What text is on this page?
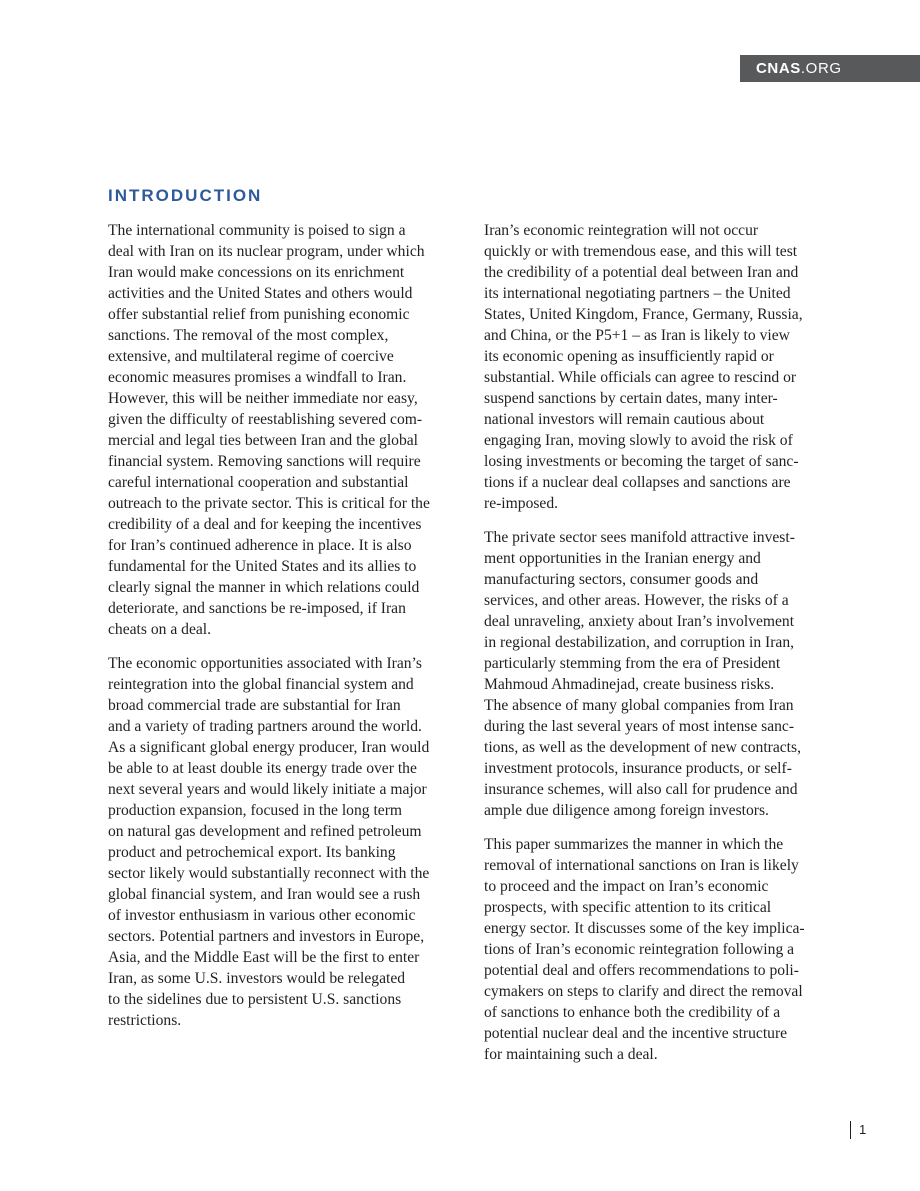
CNAS.ORG
INTRODUCTION

The international community is poised to sign a
deal with Iran on its nuclear program, under which
Iran would make concessions on its enrichment
activities and the United States and others would
offer substantial relief from punishing economic
sanctions. The removal of the most complex,
extensive, and multilateral regime of coercive
economic measures promises a windfall to Iran.
However, this will be neither immediate nor easy,
given the difficulty of reestablishing severed com-
mercial and legal ties between Iran and the global
financial system. Removing sanctions will require
careful international cooperation and substantial
outreach to the private sector. This is critical for the
credibility of a deal and for keeping the incentives
for Iran’s continued adherence in place. It is also
fundamental for the United States and its allies to
clearly signal the manner in which relations could
deteriorate, and sanctions be re-imposed, if Iran
cheats on a deal.

The economic opportunities associated with Iran’s
reintegration into the global financial system and
broad commercial trade are substantial for Iran
and a variety of trading partners around the world.
As a significant global energy producer, Iran would
be able to at least double its energy trade over the
next several years and would likely initiate a major
production expansion, focused in the long term
on natural gas development and refined petroleum
product and petrochemical export. Its banking
sector likely would substantially reconnect with the
global financial system, and Iran would see a rush
of investor enthusiasm in various other economic
sectors. Potential partners and investors in Europe,
Asia, and the Middle East will be the first to enter
Iran, as some U.S. investors would be relegated
to the sidelines due to persistent U.S. sanctions
restrictions.

Iran’s economic reintegration will not occur
quickly or with tremendous ease, and this will test
the credibility of a potential deal between Iran and
its international negotiating partners – the United
States, United Kingdom, France, Germany, Russia,
and China, or the P5+1 – as Iran is likely to view
its economic opening as insufficiently rapid or
substantial. While officials can agree to rescind or
suspend sanctions by certain dates, many inter-
national investors will remain cautious about
engaging Iran, moving slowly to avoid the risk of
losing investments or becoming the target of sanc-
tions if a nuclear deal collapses and sanctions are
re-imposed.

The private sector sees manifold attractive invest-
ment opportunities in the Iranian energy and
manufacturing sectors, consumer goods and
services, and other areas. However, the risks of a
deal unraveling, anxiety about Iran’s involvement
in regional destabilization, and corruption in Iran,
particularly stemming from the era of President
Mahmoud Ahmadinejad, create business risks.
The absence of many global companies from Iran
during the last several years of most intense sanc-
tions, as well as the development of new contracts,
investment protocols, insurance products, or self-
insurance schemes, will also call for prudence and
ample due diligence among foreign investors.

This paper summarizes the manner in which the
removal of international sanctions on Iran is likely
to proceed and the impact on Iran’s economic
prospects, with specific attention to its critical
energy sector. It discusses some of the key implica-
tions of Iran’s economic reintegration following a
potential deal and offers recommendations to poli-
cymakers on steps to clarify and direct the removal
of sanctions to enhance both the credibility of a
potential nuclear deal and the incentive structure
for maintaining such a deal.

1
